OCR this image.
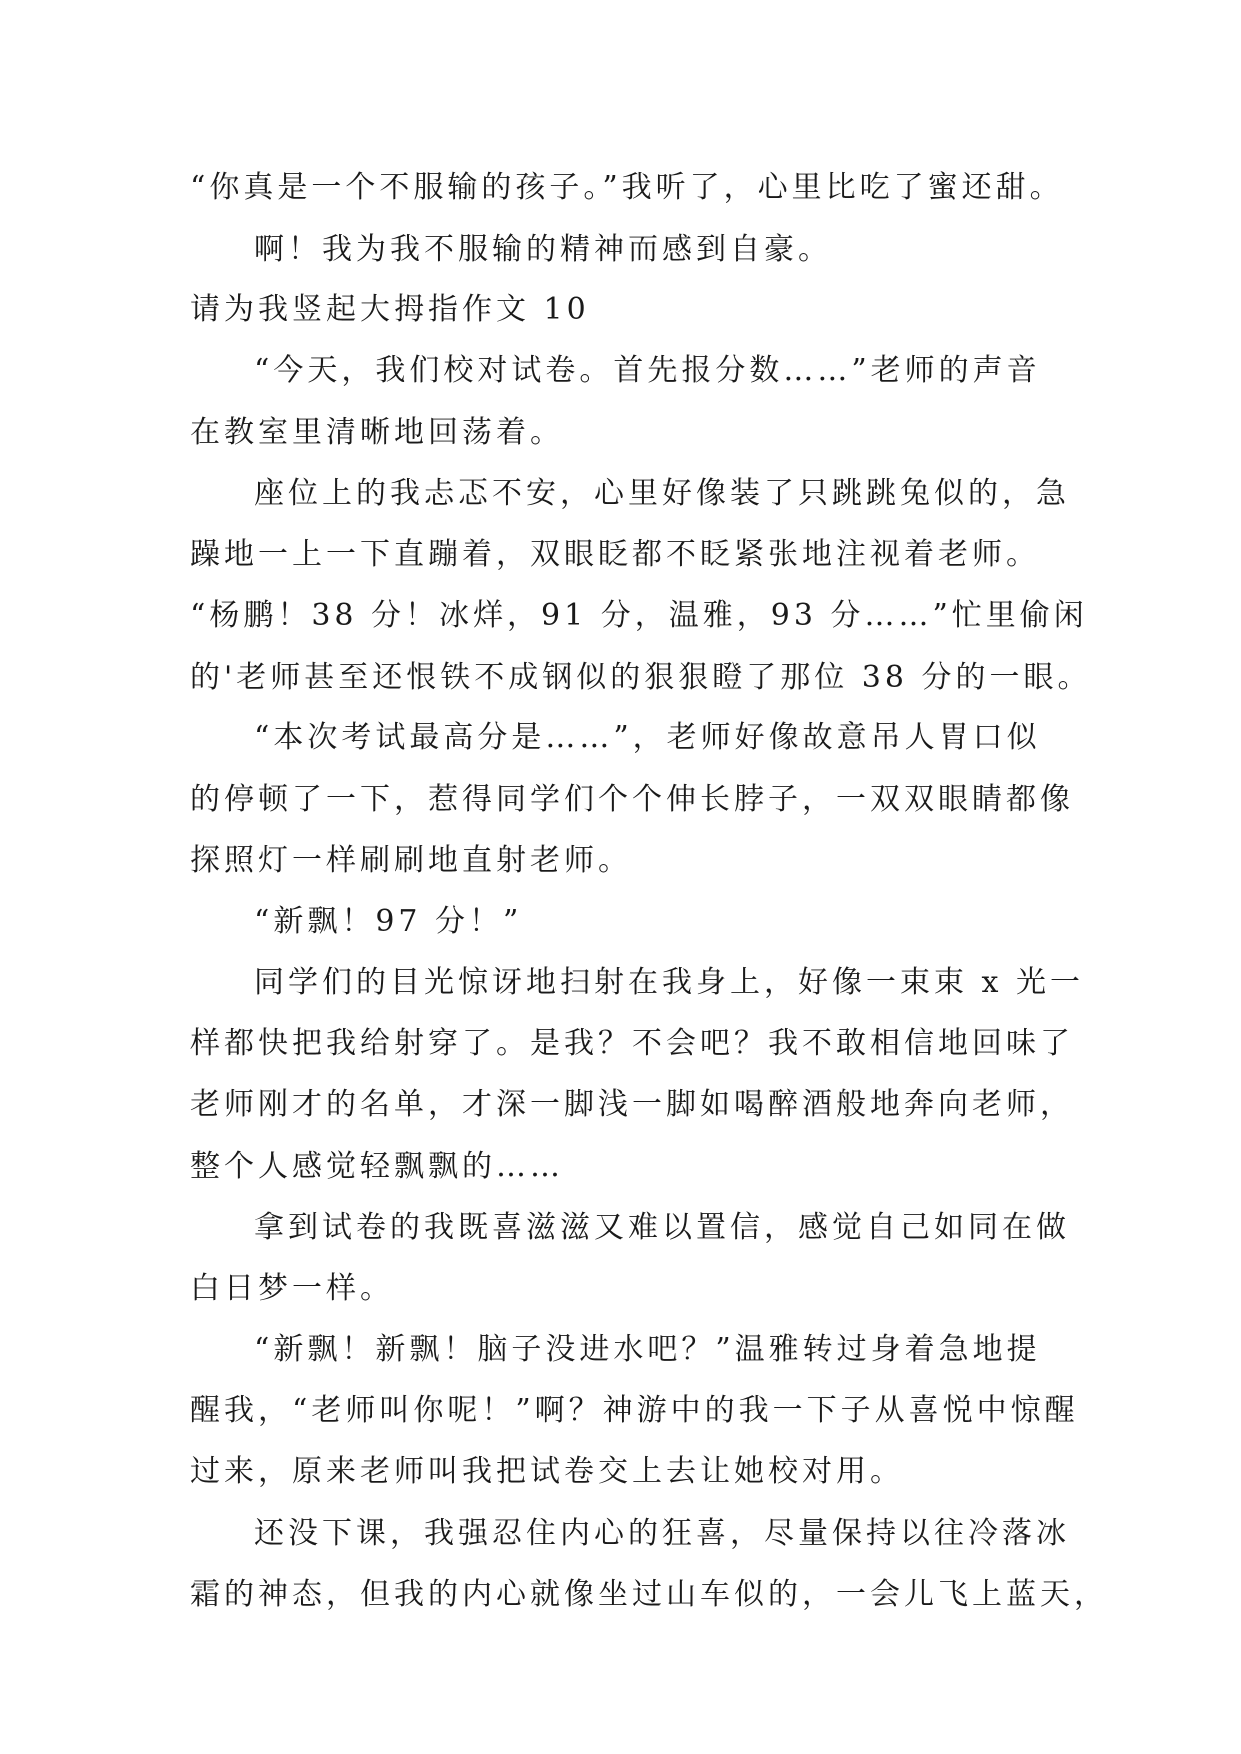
“你真是一个不服输的孩子。”我听了，心里比吃了蜜还甜。
啊！我为我不服输的精神而感到自豪。
请为我竖起大拇指作文 10
“今天，我们校对试卷。首先报分数……”老师的声音
在教室里清晰地回荡着。
座位上的我忐忑不安，心里好像装了只跳跳兔似的，急
躁地一上一下直蹦着，双眼眨都不眨紧张地注视着老师。
“杨鹏！38 分！冰烊，91 分，温雅，93 分……”忙里偷闲
的'老师甚至还恨铁不成钢似的狠狠瞪了那位 38 分的一眼。
“本次考试最高分是……”，老师好像故意吊人胃口似
的停顿了一下，惹得同学们个个伸长脖子，一双双眼睛都像
探照灯一样刷刷地直射老师。
“新飘！97 分！”
同学们的目光惊讶地扫射在我身上，好像一束束 x 光一
样都快把我给射穿了。是我？不会吧？我不敢相信地回味了
老师刚才的名单，才深一脚浅一脚如喝醉酒般地奔向老师，
整个人感觉轻飘飘的……
拿到试卷的我既喜滋滋又难以置信，感觉自己如同在做
白日梦一样。
“新飘！新飘！脑子没进水吧？”温雅转过身着急地提
醒我，“老师叫你呢！”啊？神游中的我一下子从喜悦中惊醒
过来，原来老师叫我把试卷交上去让她校对用。
还没下课，我强忍住内心的狂喜，尽量保持以往冷落冰
霜的神态，但我的内心就像坐过山车似的，一会儿飞上蓝天，
